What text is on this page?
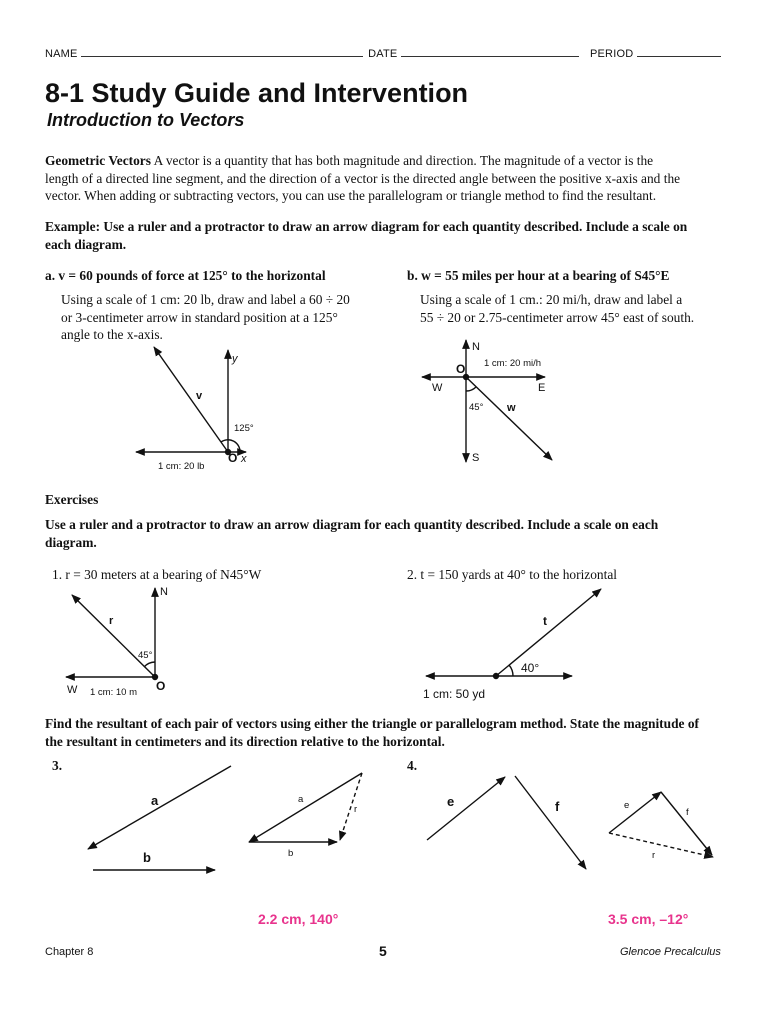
NAME	DATE	PERIOD
8-1 Study Guide and Intervention
Introduction to Vectors
Geometric Vectors A vector is a quantity that has both magnitude and direction. The magnitude of a vector is the
length of a directed line segment, and the direction of a vector is the directed angle between the positive x-axis and the
vector. When adding or subtracting vectors, you can use the parallelogram or triangle method to find the resultant.
Example: Use a ruler and a protractor to draw an arrow diagram for each quantity described. Include a scale on
each diagram.
a. v = 60 pounds of force at 125° to the horizontal	b. w = 55 miles per hour at a bearing of S45°E
Using a scale of 1 cm: 20 lb, draw and label a 60 ÷ 20
or 3-centimeter arrow in standard position at a 125°
angle to the x-axis.
Using a scale of 1 cm.: 20 mi/h, draw and label a
55 ÷ 20 or 2.75-centimeter arrow 45° east of south.
y
v
125°
O x
1 cm: 20 lb
N
O 1 cm: 20 mi/h
W	E
45° w
S
N
r
45°
W 1 cm: 10 m O
t
40°
1 cm: 50 yd
a
b
a
r
b
e	f	e
f
r
Exercises
Use a ruler and a protractor to draw an arrow diagram for each quantity described. Include a scale on each
diagram.
1. r = 30 meters at a bearing of N45°W	2. t = 150 yards at 40° to the horizontal
Find the resultant of each pair of vectors using either the triangle or parallelogram method. State the magnitude of
the resultant in centimeters and its direction relative to the horizontal.
3.	4.
2.2 cm, 140°	3.5 cm, –12°
Chapter 8	5	Glencoe Precalculus
